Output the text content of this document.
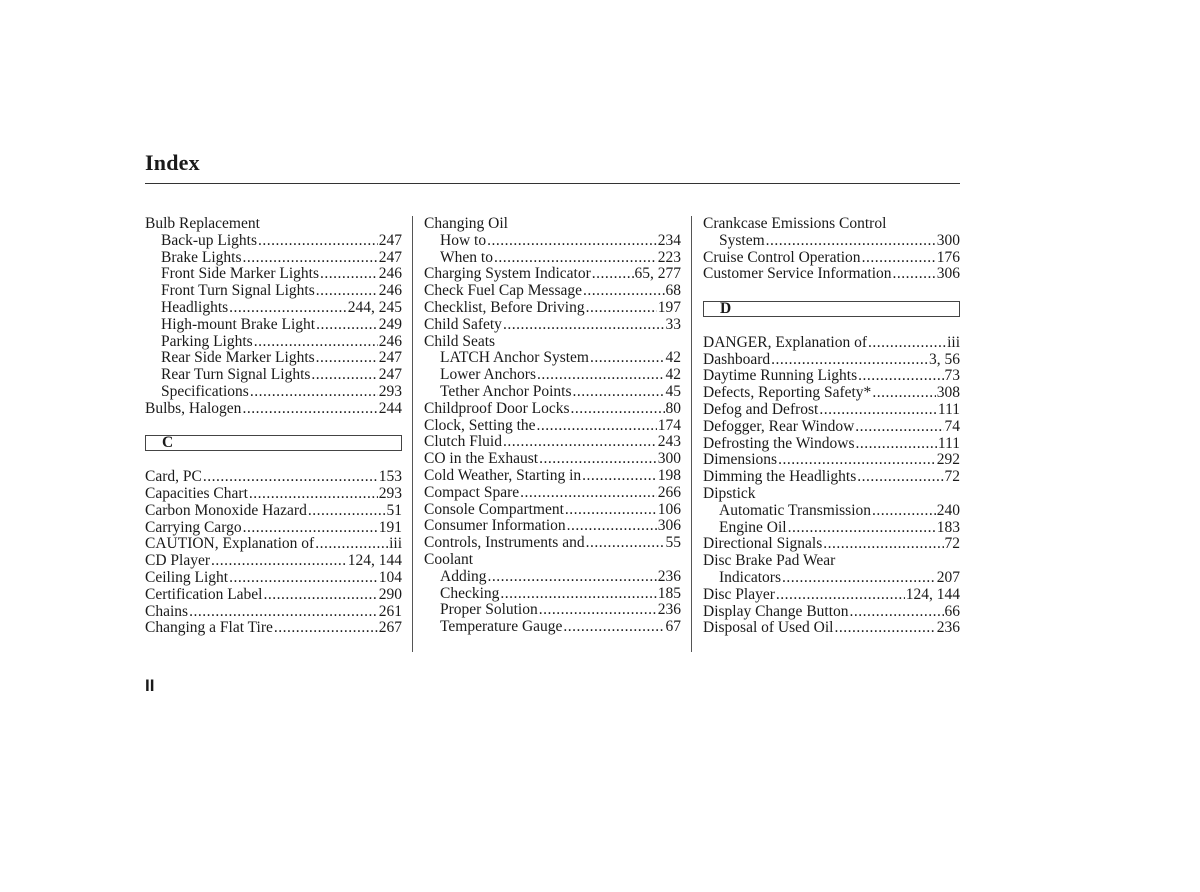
Index
Bulb Replacement
Back-up Lights .....	247
Brake Lights .....	247
Front Side Marker Lights .....	246
Front Turn Signal Lights .....	246
Headlights .....	244, 245
High-mount Brake Light .....	249
Parking Lights .....	246
Rear Side Marker Lights .....	247
Rear Turn Signal Lights .....	247
Specifications .....	293
Bulbs, Halogen .....	244
C
Card, PC .....	153
Capacities Chart .....	293
Carbon Monoxide Hazard .....	51
Carrying Cargo .....	191
CAUTION, Explanation of .....	iii
CD Player .....	124, 144
Ceiling Light .....	104
Certification Label .....	290
Chains .....	261
Changing a Flat Tire .....	267
Changing Oil
How to .....	234
When to .....	223
Charging System Indicator .....	65, 277
Check Fuel Cap Message .....	68
Checklist, Before Driving .....	197
Child Safety .....	33
Child Seats
LATCH Anchor System .....	42
Lower Anchors .....	42
Tether Anchor Points .....	45
Childproof Door Locks .....	80
Clock, Setting the .....	174
Clutch Fluid .....	243
CO in the Exhaust .....	300
Cold Weather, Starting in .....	198
Compact Spare .....	266
Console Compartment .....	106
Consumer Information .....	306
Controls, Instruments and .....	55
Coolant
Adding .....	236
Checking .....	185
Proper Solution .....	236
Temperature Gauge .....	67
Crankcase Emissions Control
System .....	300
Cruise Control Operation .....	176
Customer Service Information .....	306
D
DANGER, Explanation of .....	iii
Dashboard .....	3, 56
Daytime Running Lights .....	73
Defects, Reporting Safety* .....	308
Defog and Defrost .....	111
Defogger, Rear Window .....	74
Defrosting the Windows .....	111
Dimensions .....	292
Dimming the Headlights .....	72
Dipstick
Automatic Transmission .....	240
Engine Oil .....	183
Directional Signals .....	72
Disc Brake Pad Wear
Indicators .....	207
Disc Player .....	124, 144
Display Change Button .....	66
Disposal of Used Oil .....	236
II
